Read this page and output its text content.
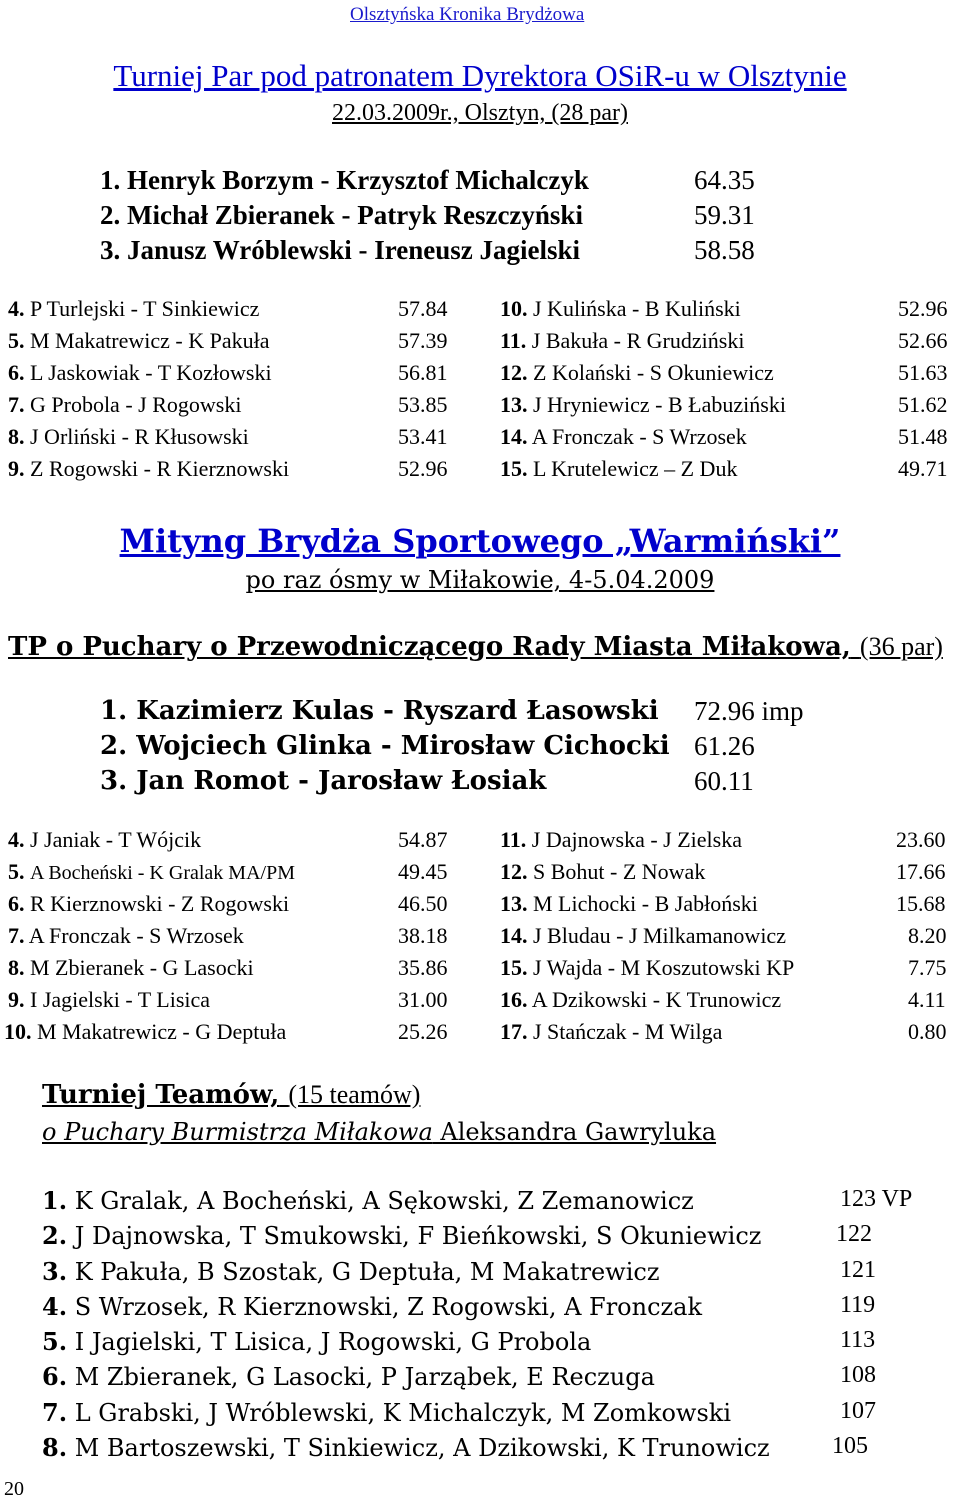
Olsztyńska Kronika Brydżowa
Turniej Par pod patronatem Dyrektora OSiR-u w Olsztynie
22.03.2009r., Olsztyn, (28 par)
1. Henryk Borzym - Krzysztof Michalczyk	64.35
2. Michał Zbieranek - Patryk Reszczyński	59.31
3. Janusz Wróblewski - Ireneusz Jagielski	58.58
4. P Turlejski - T Sinkiewicz	57.84
5. M Makatrewicz - K Pakuła	57.39
6. L Jaskowiak - T Kozłowski	56.81
7. G Probola - J Rogowski	53.85
8. J Orliński - R Kłusowski	53.41
9. Z Rogowski - R Kierznowski	52.96
10. J Kulińska - B Kuliński	52.96
11. J Bakuła - R Grudziński	52.66
12. Z Kolański - S Okuniewicz	51.63
13. J Hryniewicz - B Łabuziński	51.62
14. A Fronczak - S Wrzosek	51.48
15. L Krutelewicz – Z Duk	49.71
Mityng Brydża Sportowego „Warmiński”
po raz ósmy w Miłakowie, 4-5.04.2009
TP o Puchary o Przewodniczącego Rady Miasta Miłakowa, (36 par)
1. Kazimierz Kulas - Ryszard Łasowski 72.96 imp
2. Wojciech Glinka - Mirosław Cichocki 61.26
3. Jan Romot - Jarosław Łosiak	60.11
4. J Janiak - T Wójcik	54.87
5. A Bocheński - K Gralak MA/PM	49.45
6. R Kierznowski - Z Rogowski	46.50
7. A Fronczak - S Wrzosek	38.18
8. M Zbieranek - G Lasocki	35.86
9. I Jagielski - T Lisica	31.00
10. M Makatrewicz - G Deptuła	25.26
11. J Dajnowska - J Zielska	23.60
12. S Bohut - Z Nowak	17.66
13. M Lichocki - B Jabłoński	15.68
14. J Bludau - J Milkamanowicz	8.20
15. J Wajda - M Koszutowski KP	7.75
16. A Dzikowski - K Trunowicz	4.11
17. J Stańczak - M Wilga	0.80
Turniej Teamów, (15 teamów)
o Puchary Burmistrza Miłakowa Aleksandra Gawryluka
1. K Gralak, A Bocheński, A Sękowski, Z Zemanowicz	123 VP
2. J Dajnowska, T Smukowski, F Bieńkowski, S Okuniewicz	122
3. K Pakuła, B Szostak, G Deptuła, M Makatrewicz	121
4. S Wrzosek, R Kierznowski, Z Rogowski, A Fronczak	119
5. I Jagielski, T Lisica, J Rogowski, G Probola	113
6. M Zbieranek, G Lasocki, P Jarząbek, E Reczuga	108
7. L Grabski, J Wróblewski, K Michalczyk, M Zomkowski	107
8. M Bartoszewski, T Sinkiewicz, A Dzikowski, K Trunowicz	105
20
